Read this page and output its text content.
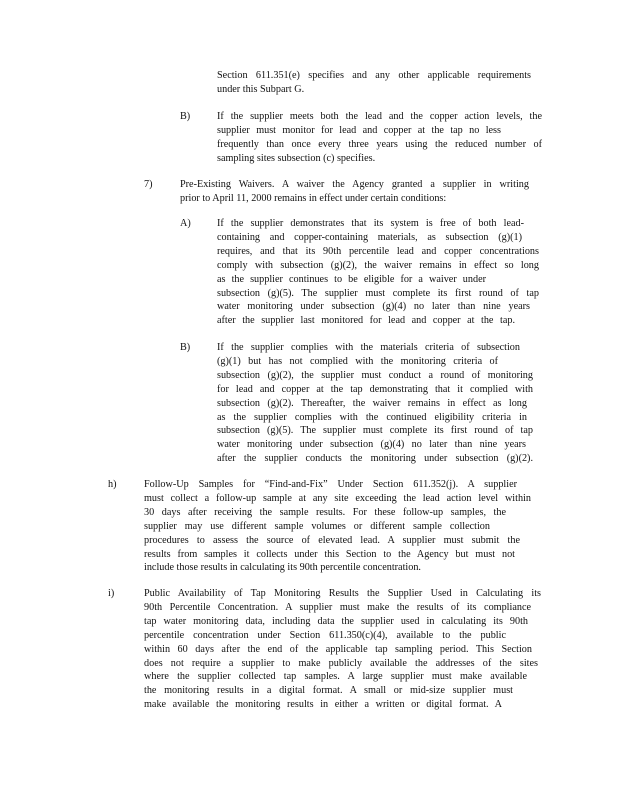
Section 611.351(e) specifies and any other applicable requirements
under this Subpart G.
B)	If the supplier meets both the lead and the copper action levels, the
supplier must monitor for lead and copper at the tap no less
frequently than once every three years using the reduced number of
sampling sites subsection (c) specifies.
7)	Pre-Existing Waivers. A waiver the Agency granted a supplier in writing
prior to April 11, 2000 remains in effect under certain conditions:
A)	If the supplier demonstrates that its system is free of both lead-
containing and copper-containing materials, as subsection (g)(1)
requires, and that its 90th percentile lead and copper concentrations
comply with subsection (g)(2), the waiver remains in effect so long
as the supplier continues to be eligible for a waiver under
subsection (g)(5). The supplier must complete its first round of tap
water monitoring under subsection (g)(4) no later than nine years
after the supplier last monitored for lead and copper at the tap.
B)	If the supplier complies with the materials criteria of subsection
(g)(1) but has not complied with the monitoring criteria of
subsection (g)(2), the supplier must conduct a round of monitoring
for lead and copper at the tap demonstrating that it complied with
subsection (g)(2). Thereafter, the waiver remains in effect as long
as the supplier complies with the continued eligibility criteria in
subsection (g)(5). The supplier must complete its first round of tap
water monitoring under subsection (g)(4) no later than nine years
after the supplier conducts the monitoring under subsection (g)(2).
h)	Follow-Up Samples for “Find-and-Fix” Under Section 611.352(j). A supplier
must collect a follow-up sample at any site exceeding the lead action level within
30 days after receiving the sample results. For these follow-up samples, the
supplier may use different sample volumes or different sample collection
procedures to assess the source of elevated lead. A supplier must submit the
results from samples it collects under this Section to the Agency but must not
include those results in calculating its 90th percentile concentration.
i)	Public Availability of Tap Monitoring Results the Supplier Used in Calculating its
90th Percentile Concentration. A supplier must make the results of its compliance
tap water monitoring data, including data the supplier used in calculating its 90th
percentile concentration under Section 611.350(c)(4), available to the public
within 60 days after the end of the applicable tap sampling period. This Section
does not require a supplier to make publicly available the addresses of the sites
where the supplier collected tap samples. A large supplier must make available
the monitoring results in a digital format. A small or mid-size supplier must
make available the monitoring results in either a written or digital format. A
